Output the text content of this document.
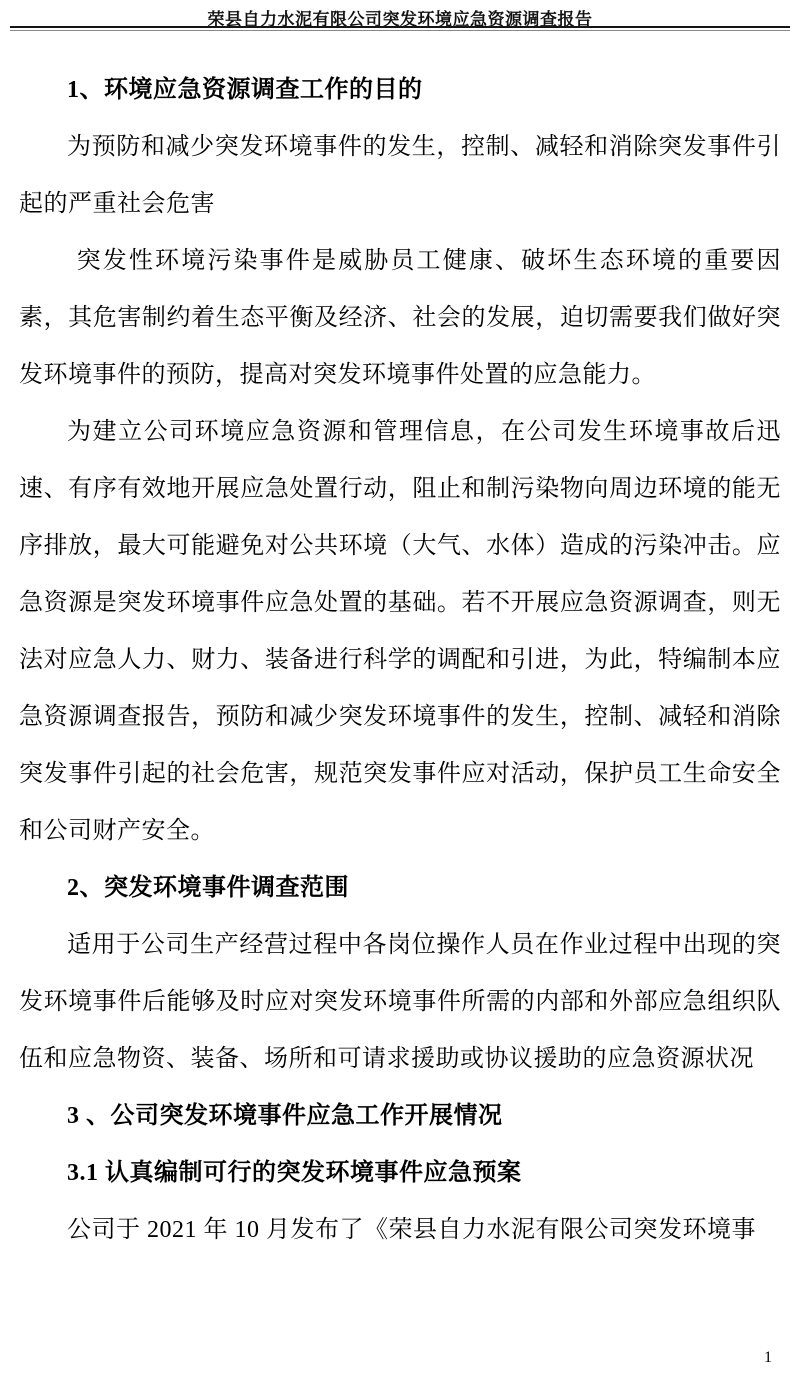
荣县自力水泥有限公司突发环境应急资源调查报告
1、环境应急资源调查工作的目的

为预防和减少突发环境事件的发生，控制、减轻和消除突发事件引起的严重社会危害

突发性环境污染事件是威胁员工健康、破坏生态环境的重要因素，其危害制约着生态平衡及经济、社会的发展，迫切需要我们做好突发环境事件的预防，提高对突发环境事件处置的应急能力。

为建立公司环境应急资源和管理信息，在公司发生环境事故后迅速、有序有效地开展应急处置行动，阻止和制污染物向周边环境的能无序排放，最大可能避免对公共环境（大气、水体）造成的污染冲击。应急资源是突发环境事件应急处置的基础。若不开展应急资源调查，则无法对应急人力、财力、装备进行科学的调配和引进，为此，特编制本应急资源调查报告，预防和减少突发环境事件的发生，控制、减轻和消除突发事件引起的社会危害，规范突发事件应对活动，保护员工生命安全和公司财产安全。

2、突发环境事件调查范围

适用于公司生产经营过程中各岗位操作人员在作业过程中出现的突发环境事件后能够及时应对突发环境事件所需的内部和外部应急组织队伍和应急物资、装备、场所和可请求援助或协议援助的应急资源状况

3 、公司突发环境事件应急工作开展情况
3.1 认真编制可行的突发环境事件应急预案

公司于 2021 年 10 月发布了《荣县自力水泥有限公司突发环境事

1
